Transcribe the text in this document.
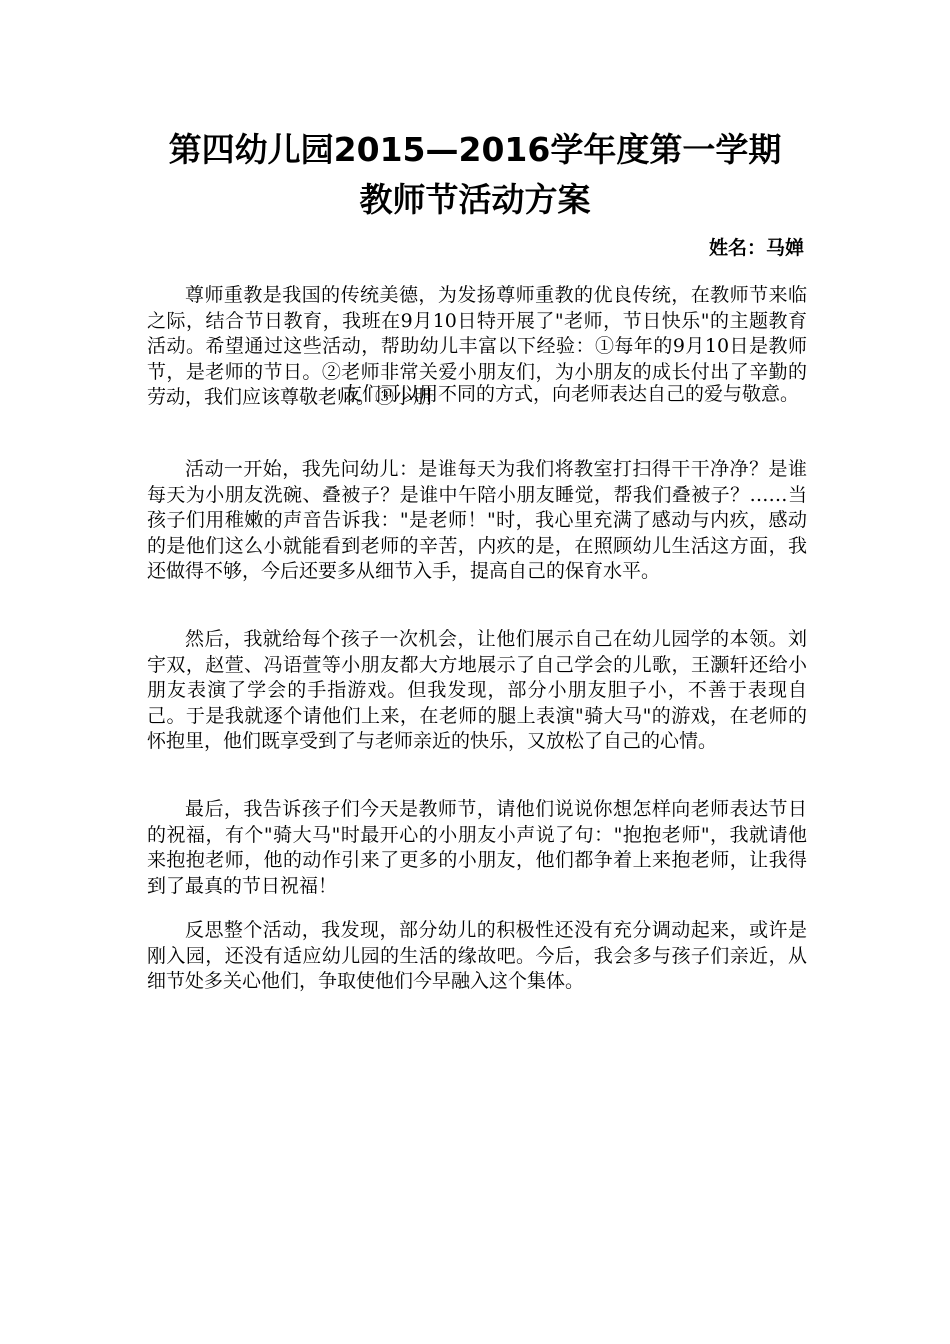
第四幼儿园2015—2016学年度第一学期
教师节活动方案
姓名：马婵

尊师重教是我国的传统美德，为发扬尊师重教的优良传统，在教师节来临之际，结合节日教育，我班在9月10日特开展了"老师，节日快乐"的主题教育活动。希望通过这些活动，帮助幼儿丰富以下经验：①每年的9月10日是教师节，是老师的节日。②老师非常关爱小朋友们，为小朋友的成长付出了辛勤的劳动，我们应该尊敬老师。③小朋

友们可以用不同的方式，向老师表达自己的爱与敬意。

活动一开始，我先问幼儿：是谁每天为我们将教室打扫得干干净净？是谁每天为小朋友洗碗、叠被子？是谁中午陪小朋友睡觉，帮我们叠被子？……当孩子们用稚嫩的声音告诉我："是老师！"时，我心里充满了感动与内疚，感动的是他们这么小就能看到老师的辛苦，内疚的是，在照顾幼儿生活这方面，我还做得不够，今后还要多从细节入手，提高自己的保育水平。

然后，我就给每个孩子一次机会，让他们展示自己在幼儿园学的本领。刘宇双，赵萱、冯语萱等小朋友都大方地展示了自己学会的儿歌，王灏轩还给小朋友表演了学会的手指游戏。但我发现，部分小朋友胆子小，不善于表现自己。于是我就逐个请他们上来，在老师的腿上表演"骑大马"的游戏，在老师的怀抱里，他们既享受到了与老师亲近的快乐，又放松了自己的心情。

最后，我告诉孩子们今天是教师节，请他们说说你想怎样向老师表达节日的祝福，有个"骑大马"时最开心的小朋友小声说了句："抱抱老师"，我就请他来抱抱老师，他的动作引来了更多的小朋友，他们都争着上来抱老师，让我得到了最真的节日祝福！

反思整个活动，我发现，部分幼儿的积极性还没有充分调动起来，或许是刚入园，还没有适应幼儿园的生活的缘故吧。今后，我会多与孩子们亲近，从细节处多关心他们，争取使他们今早融入这个集体。
